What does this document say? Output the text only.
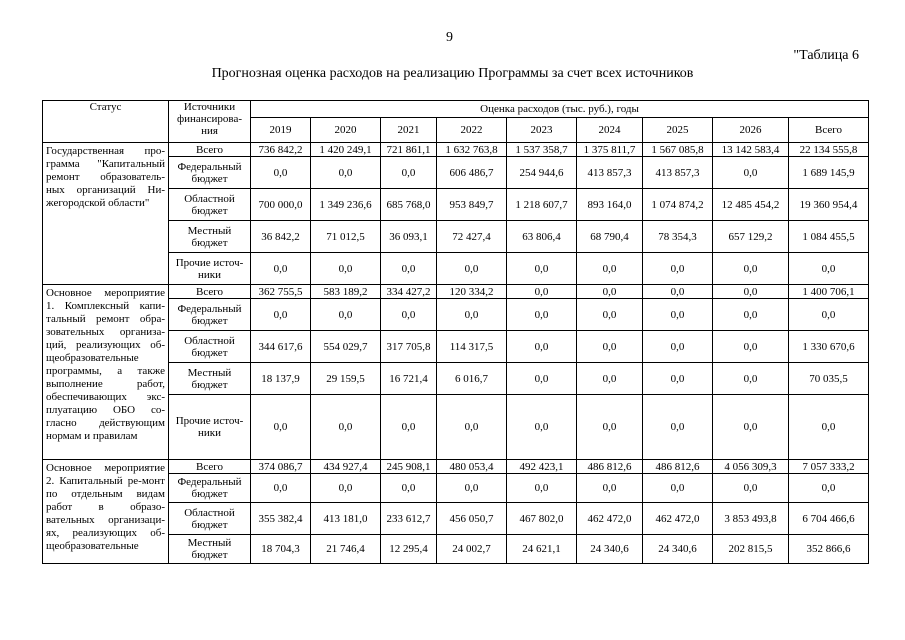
9
"Таблица 6
Прогнозная оценка расходов на реализацию Программы за счет всех источников
Статус	Источники финансирова-ния	Оценка расходов (тыс. руб.), годы								
		2019	2020	2021	2022	2023	2024	2025	2026	Всего
Государственная про-грамма "Капитальный ремонт образователь-ных организаций Ни-жегородской области"	Всего	736 842,2	1 420 249,1	721 861,1	1 632 763,8	1 537 358,7	1 375 811,7	1 567 085,8	13 142 583,4	22 134 555,8
	Федеральный бюджет	0,0	0,0	0,0	606 486,7	254 944,6	413 857,3	413 857,3	0,0	1 689 145,9
	Областной бюджет	700 000,0	1 349 236,6	685 768,0	953 849,7	1 218 607,7	893 164,0	1 074 874,2	12 485 454,2	19 360 954,4
	Местный бюджет	36 842,2	71 012,5	36 093,1	72 427,4	63 806,4	68 790,4	78 354,3	657 129,2	1 084 455,5
	Прочие источ-ники	0,0	0,0	0,0	0,0	0,0	0,0	0,0	0,0	0,0
Основное мероприятие 1. Комплексный капи-тальный ремонт обра-зовательных организа-ций, реализующих об-щеобразовательные программы, а также выполнение работ, обеспечивающих экс-плуатацию ОБО со-гласно действующим нормам и правилам	Всего	362 755,5	583 189,2	334 427,2	120 334,2	0,0	0,0	0,0	0,0	1 400 706,1
	Федеральный бюджет	0,0	0,0	0,0	0,0	0,0	0,0	0,0	0,0	0,0
	Областной бюджет	344 617,6	554 029,7	317 705,8	114 317,5	0,0	0,0	0,0	0,0	1 330 670,6
	Местный бюджет	18 137,9	29 159,5	16 721,4	6 016,7	0,0	0,0	0,0	0,0	70 035,5
	Прочие источ-ники	0,0	0,0	0,0	0,0	0,0	0,0	0,0	0,0	0,0
Основное мероприятие 2. Капитальный ре-монт по отдельным видам работ в образо-вательных организаци-ях, реализующих об-щеобразовательные	Всего	374 086,7	434 927,4	245 908,1	480 053,4	492 423,1	486 812,6	486 812,6	4 056 309,3	7 057 333,2
	Федеральный бюджет	0,0	0,0	0,0	0,0	0,0	0,0	0,0	0,0	0,0
	Областной бюджет	355 382,4	413 181,0	233 612,7	456 050,7	467 802,0	462 472,0	462 472,0	3 853 493,8	6 704 466,6
	Местный бюджет	18 704,3	21 746,4	12 295,4	24 002,7	24 621,1	24 340,6	24 340,6	202 815,5	352 866,6
